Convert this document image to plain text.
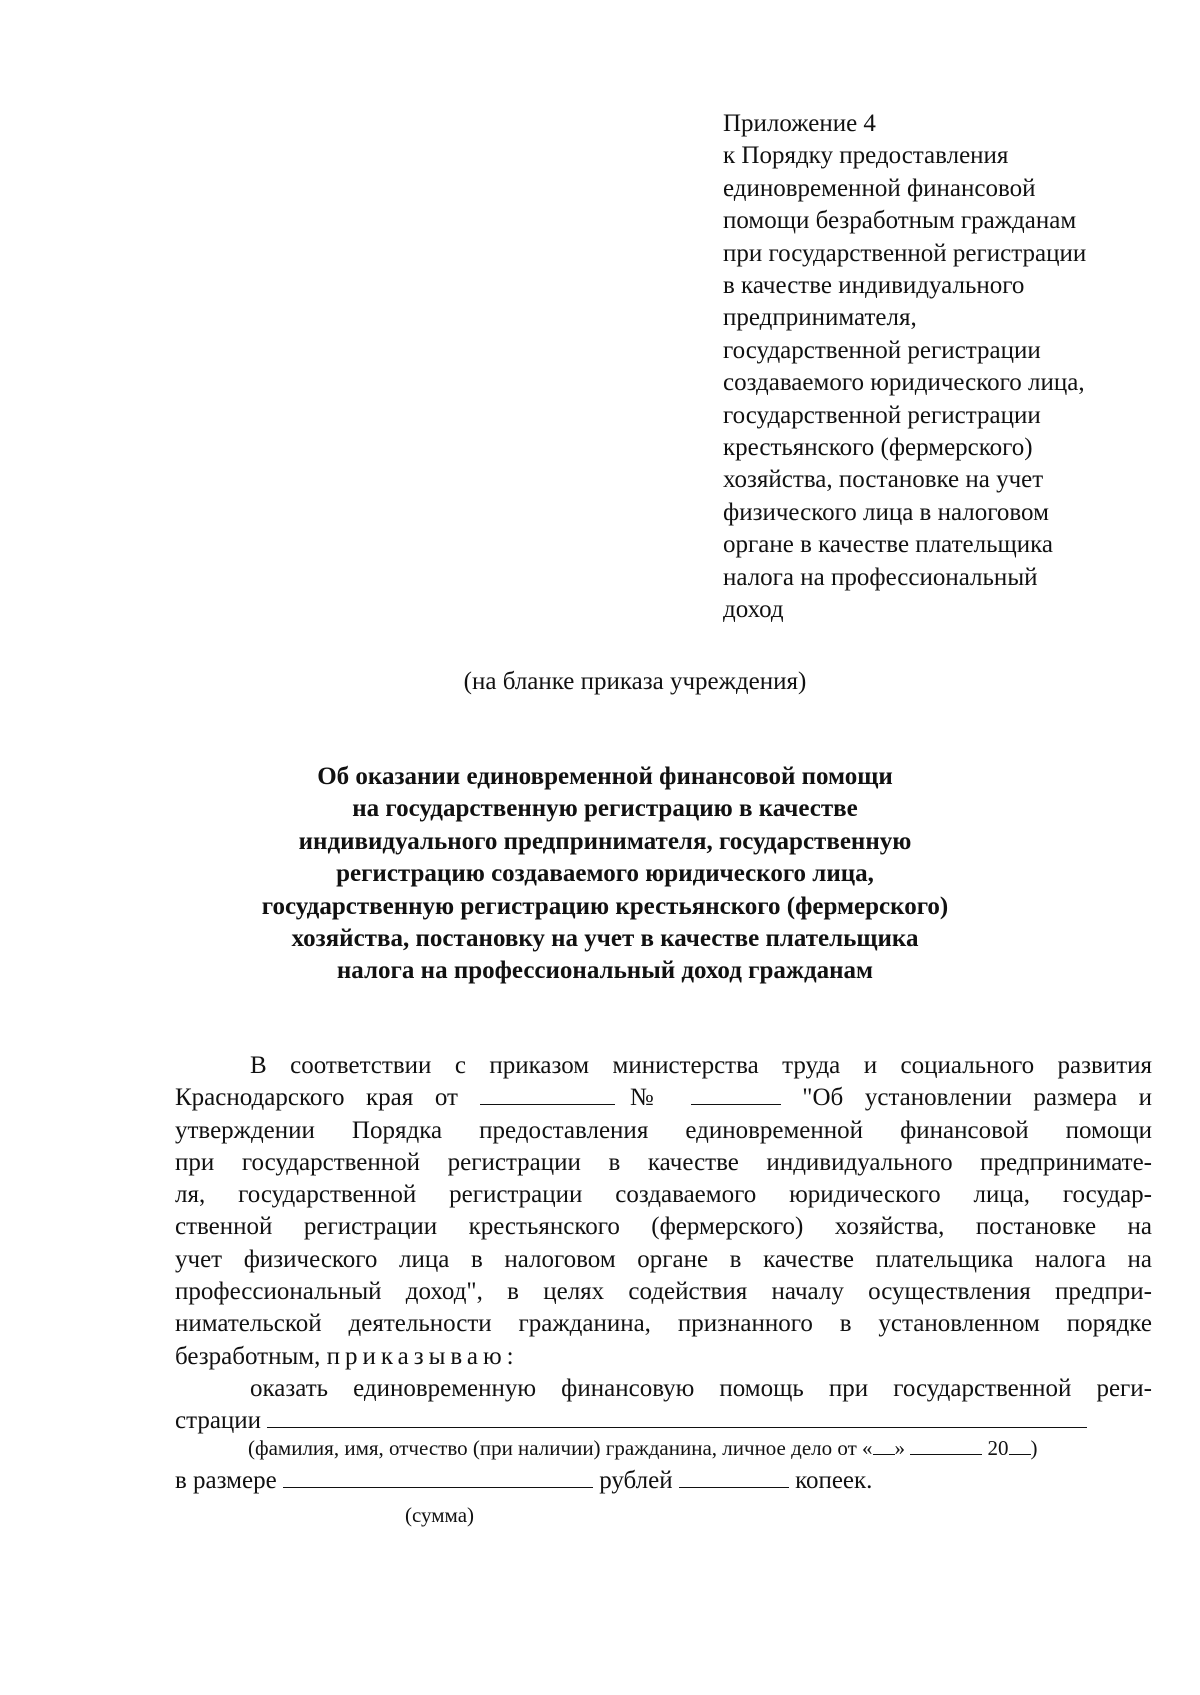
Приложение 4
к Порядку предоставления
единовременной финансовой
помощи безработным гражданам
при государственной регистрации
в качестве индивидуального
предпринимателя,
государственной регистрации
создаваемого юридического лица,
государственной регистрации
крестьянского (фермерского)
хозяйства, постановке на учет
физического лица в налоговом
органе в качестве плательщика
налога на профессиональный
доход
(на бланке приказа учреждения)
Об оказании единовременной финансовой помощи
на государственную регистрацию в качестве
индивидуального предпринимателя, государственную
регистрацию создаваемого юридического лица,
государственную регистрацию крестьянского (фермерского)
хозяйства, постановку на учет в качестве плательщика
налога на профессиональный доход гражданам
В соответствии с приказом министерства труда и социального развития
Краснодарского края от	№	"Об установлении размера и
утверждении Порядка предоставления единовременной финансовой помощи
при государственной регистрации в качестве индивидуального предпринимате-
ля, государственной регистрации создаваемого юридического лица, государ-
ственной регистрации крестьянского (фермерского) хозяйства, постановке на
учет физического лица в налоговом органе в качестве плательщика налога на
профессиональный доход", в целях содействия началу осуществления предпри-
нимательской деятельности гражданина, признанного в установленном порядке
безработным, приказываю:
оказать единовременную финансовую помощь при государственной реги-
страции
(фамилия, имя, отчество (при наличии) гражданина, личное дело от « »	20 )
в размере	рублей	копеек.
(сумма)
